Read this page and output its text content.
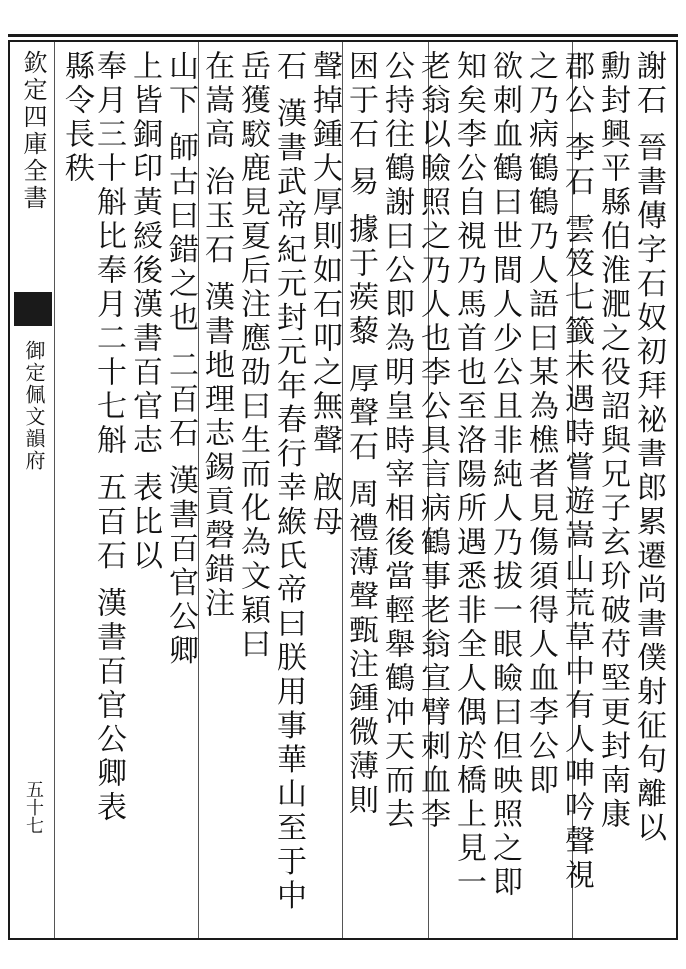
欽定四庫全書
御定佩文韻府
五十七	謝石 晉書傳字石奴初拜祕書郎累遷尚書僕射征句離以
勳封興平縣伯淮淝之役詔與兄子玄玠破苻堅更封南康
郡公 李石 雲笈七籤未遇時嘗遊嵩山荒草中有人呻吟聲視
之乃病鶴鶴乃人語曰某為樵者見傷須得人血李公即
欲刺血鶴曰世間人少公且非純人乃拔一眼瞼曰但映照之即
知矣李公自視乃馬首也至洛陽所遇悉非全人偶於橋上見一
老翁以瞼照之乃人也李公具言病鶴事老翁宣臂刺血李
公持往鶴謝曰公即為明皇時宰相後當輕舉鶴冲天而去
困于石 易 據于蒺藜 厚聲石 周禮薄聲甄注鍾微薄則
聲掉鍾大厚則如石叩之無聲 啟母
石 漢書武帝紀元封元年春行幸緱氏帝曰朕用事華山至于中
岳獲駮鹿見夏后注應劭曰生而化為文穎曰
在嵩高 治玉石 漢書地理志錫貢磬錯注
山下 師古曰錯之也 二百石 漢書百官公卿
上皆銅印黃綬後漢書百官志 表比以
奉月三十斛比奉月二十七斛 五百石 漢書百官公卿表
縣令長秩
